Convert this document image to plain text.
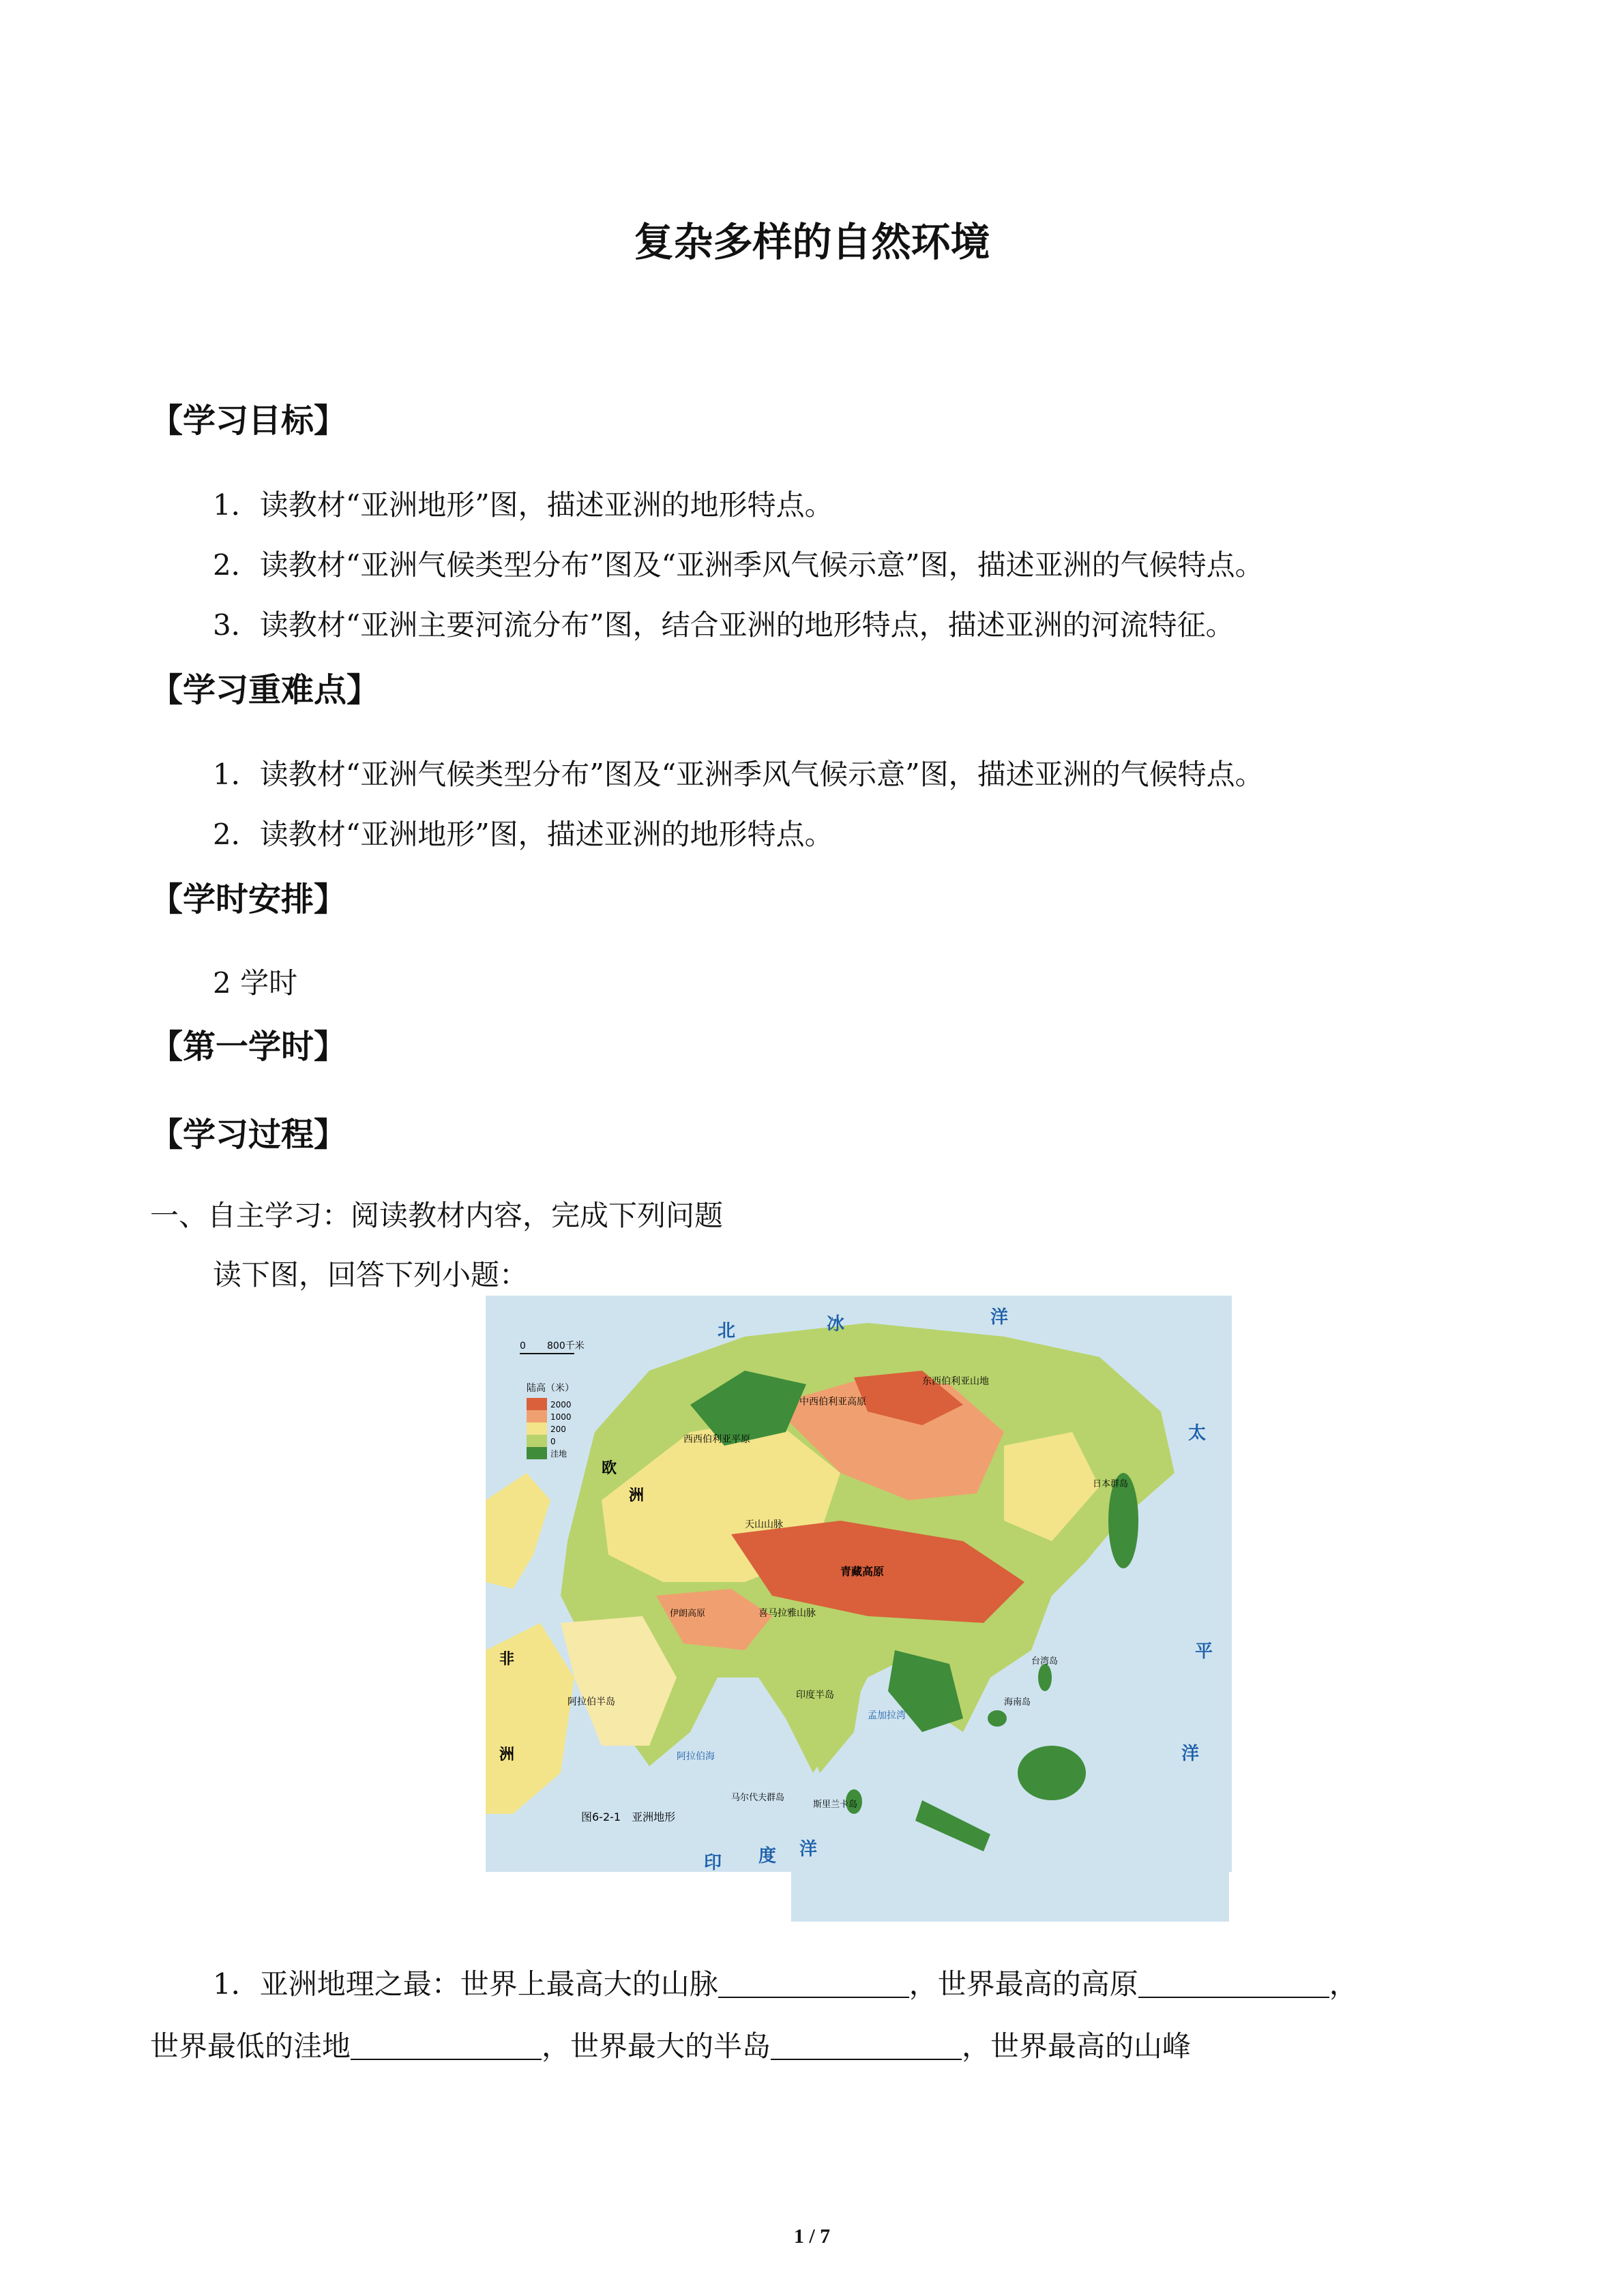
复杂多样的自然环境
【学习目标】
1．读教材“亚洲地形”图，描述亚洲的地形特点。
2．读教材“亚洲气候类型分布”图及“亚洲季风气候示意”图，描述亚洲的气候特点。
3．读教材“亚洲主要河流分布”图，结合亚洲的地形特点，描述亚洲的河流特征。
【学习重难点】
1．读教材“亚洲气候类型分布”图及“亚洲季风气候示意”图，描述亚洲的气候特点。
2．读教材“亚洲地形”图，描述亚洲的地形特点。
【学时安排】
2 学时
【第一学时】
【学习过程】
一、自主学习：阅读教材内容，完成下列问题
读下图，回答下列小题：
0 800千米
陆高（米）
2000
1000
200
0
洼地
北	冰	洋
太
平
洋
印 度 洋
欧
洲
非
洲
西西伯利亚平原
中西伯利亚高原
东西伯利亚山地
青藏高原
喜马拉雅山脉
天山山脉
阿拉伯半岛
印度半岛
台湾岛
海南岛
斯里兰卡岛
马尔代夫群岛
孟加拉湾
阿拉伯海
日本群岛
伊朗高原
图6-2-1　亚洲地形
1．亚洲地理之最：世界上最高大的山脉	，世界最高的高原	，
世界最低的洼地	，世界最大的半岛	，世界最高的山峰
1 / 7
